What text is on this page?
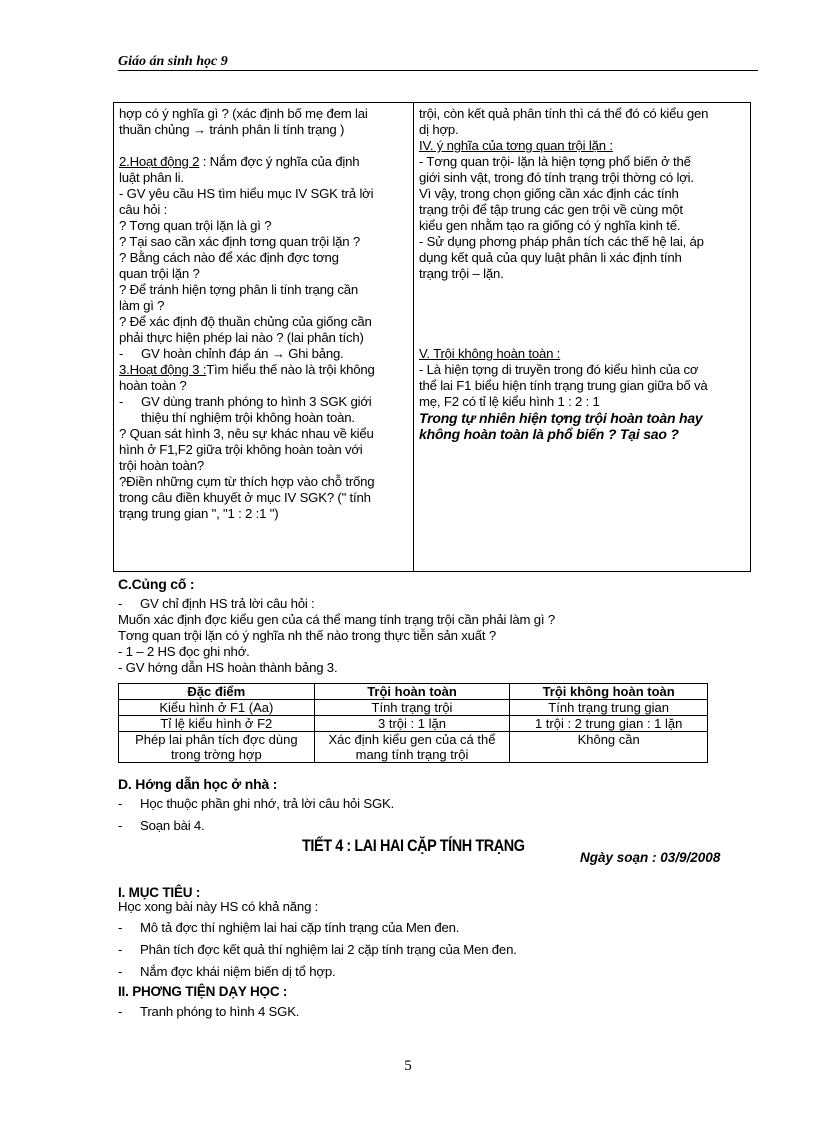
Giáo án sinh học 9

hợp có ý nghĩa gì ? (xác định bố mẹ đem lai

thuần chủng → tránh phân li tính trạng )

2.Hoạt động 2 : Nắm đợc ý nghĩa của định

luật phân li.

- GV yêu cầu HS tìm hiểu mục IV SGK trả lời

câu hỏi :

? Tơng quan trội lặn là gì ?

? Tại sao cần xác định tơng quan trội lặn ?

? Bằng cách nào để xác định đợc tơng

quan trội lặn ?

? Để tránh hiện tợng phân li tính trạng cần

làm gì ?

? Để xác định độ thuần chủng của giống cần

phải thực hiện phép lai nào ? (lai phân tích)

-	GV hoàn chỉnh đáp án → Ghi bảng.

3.Hoạt động 3 :Tìm hiểu thế nào là trội không

hoàn toàn ?

-	GV dùng tranh phóng to hình 3 SGK giới
thiệu thí nghiệm trội không hoàn toàn.

? Quan sát hình 3, nêu sự khác nhau về kiểu

hình ở F1,F2 giữa trội không hoàn toàn với

trội hoàn toàn?

?Điền những cụm từ thích hợp vào chỗ trống

trong câu điền khuyết ở mục IV SGK? (" tính

trạng trung gian ", "1 : 2 :1 ")

trội, còn kết quả phân tính thì cá thể đó có kiểu gen

dị hợp.

IV. ý nghĩa của tơng quan trội lặn :

- Tơng quan trội- lặn là hiện tợng phổ biến ở thế

giới sinh vật, trong đó tính trạng trội thờng có lợi.

Vì vậy, trong chọn giống cần xác định các tính

trạng trội để tập trung các gen trội về cùng một

kiểu gen nhằm tạo ra giống có ý nghĩa kinh tế.

- Sử dụng phơng pháp phân tích các thế hệ lai, áp

dụng kết quả của quy luật phân li xác định tính

trạng trội – lặn.

V. Trội không hoàn toàn :

- Là hiện tợng di truyền trong đó kiểu hình của cơ

thể lai F1 biểu hiện tính trạng trung gian giữa bố và

mẹ, F2 có tỉ lệ kiểu hình 1 : 2 : 1

Trong tự nhiên hiện tợng trội hoàn toàn hay

không hoàn toàn là phổ biến ? Tại sao ?

C.Củng cố :

-	GV chỉ định HS trả lời câu hỏi :

Muốn xác định đợc kiểu gen của cá thể mang tính trạng trội cần phải làm gì ?

Tơng quan trội lặn có ý nghĩa nh thế nào trong thực tiễn sản xuất ?

- 1 – 2 HS đọc ghi nhớ.

- GV hớng dẫn HS hoàn thành bảng 3.

Đặc điểm	Trội hoàn toàn	Trội không hoàn toàn
Kiểu hình ở F1 (Aa)	Tính trạng trội	Tính trạng trung gian
Tỉ lệ kiểu hình ở F2	3 trội : 1 lặn	1 trội : 2 trung gian : 1 lặn
Phép lai phân tích đợc dùng trong trờng hợp	Xác định kiểu gen của cá thể mang tính trạng trội	Không cần

D. Hớng dẫn học ở nhà :

-	Học thuộc phần ghi nhớ, trả lời câu hỏi SGK.
-	Soạn bài 4.
TIẾT 4 : LAI HAI CẶP TÍNH TRẠNG
Ngày soạn : 03/9/2008

I. MỤC TIÊU :

Học xong bài này HS có khả năng :

-	Mô tả đợc thí nghiệm lai hai cặp tính trạng của Men đen.
-	Phân tích đợc kết quả thí nghiệm lai 2 cặp tính trạng của Men đen.
-	Nắm đợc khái niệm biến dị tổ hợp.

II. PHƠNG TIỆN DẠY HỌC :

-	Tranh phóng to hình 4 SGK.
5
